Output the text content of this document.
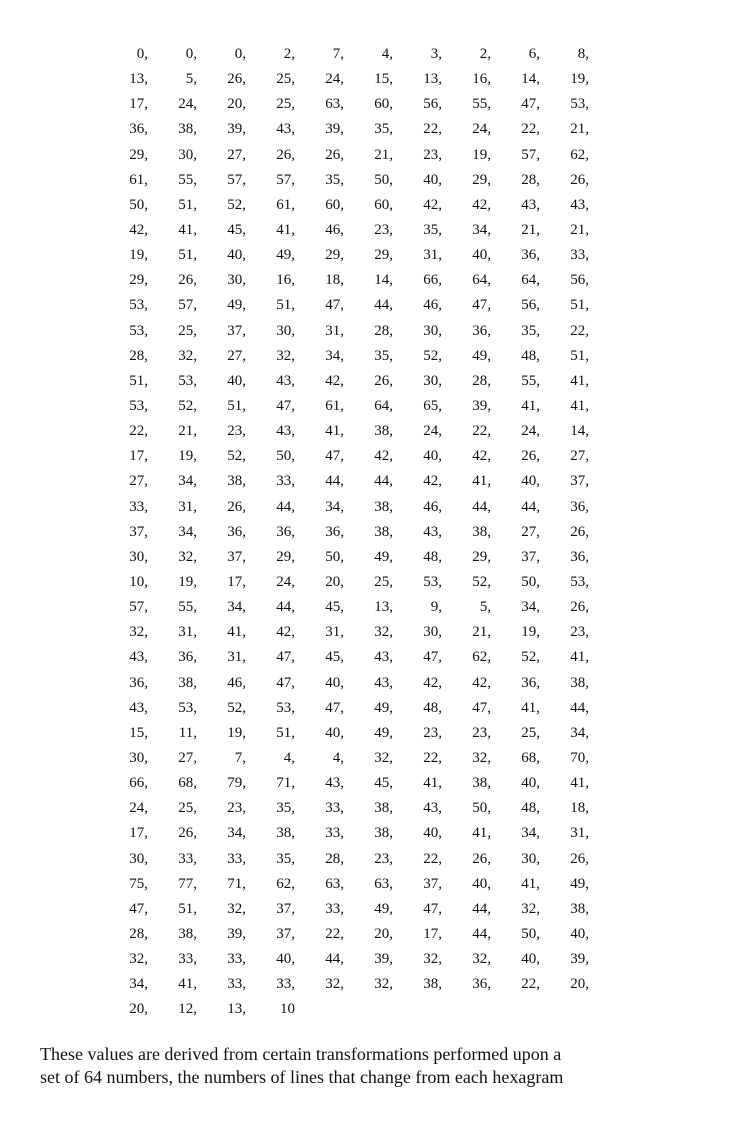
0,	0,	0,	2,	7,	4,	3,	2,	6,	8,
13,	5,	26,	25,	24,	15,	13,	16,	14,	19,
17,	24,	20,	25,	63,	60,	56,	55,	47,	53,
36,	38,	39,	43,	39,	35,	22,	24,	22,	21,
29,	30,	27,	26,	26,	21,	23,	19,	57,	62,
61,	55,	57,	57,	35,	50,	40,	29,	28,	26,
50,	51,	52,	61,	60,	60,	42,	42,	43,	43,
42,	41,	45,	41,	46,	23,	35,	34,	21,	21,
19,	51,	40,	49,	29,	29,	31,	40,	36,	33,
29,	26,	30,	16,	18,	14,	66,	64,	64,	56,
53,	57,	49,	51,	47,	44,	46,	47,	56,	51,
53,	25,	37,	30,	31,	28,	30,	36,	35,	22,
28,	32,	27,	32,	34,	35,	52,	49,	48,	51,
51,	53,	40,	43,	42,	26,	30,	28,	55,	41,
53,	52,	51,	47,	61,	64,	65,	39,	41,	41,
22,	21,	23,	43,	41,	38,	24,	22,	24,	14,
17,	19,	52,	50,	47,	42,	40,	42,	26,	27,
27,	34,	38,	33,	44,	44,	42,	41,	40,	37,
33,	31,	26,	44,	34,	38,	46,	44,	44,	36,
37,	34,	36,	36,	36,	38,	43,	38,	27,	26,
30,	32,	37,	29,	50,	49,	48,	29,	37,	36,
10,	19,	17,	24,	20,	25,	53,	52,	50,	53,
57,	55,	34,	44,	45,	13,	9,	5,	34,	26,
32,	31,	41,	42,	31,	32,	30,	21,	19,	23,
43,	36,	31,	47,	45,	43,	47,	62,	52,	41,
36,	38,	46,	47,	40,	43,	42,	42,	36,	38,
43,	53,	52,	53,	47,	49,	48,	47,	41,	44,
15,	11,	19,	51,	40,	49,	23,	23,	25,	34,
30,	27,	7,	4,	4,	32,	22,	32,	68,	70,
66,	68,	79,	71,	43,	45,	41,	38,	40,	41,
24,	25,	23,	35,	33,	38,	43,	50,	48,	18,
17,	26,	34,	38,	33,	38,	40,	41,	34,	31,
30,	33,	33,	35,	28,	23,	22,	26,	30,	26,
75,	77,	71,	62,	63,	63,	37,	40,	41,	49,
47,	51,	32,	37,	33,	49,	47,	44,	32,	38,
28,	38,	39,	37,	22,	20,	17,	44,	50,	40,
32,	33,	33,	40,	44,	39,	32,	32,	40,	39,
34,	41,	33,	33,	32,	32,	38,	36,	22,	20,
20,	12,	13,	10

These values are derived from certain transformations performed upon a
set of 64 numbers, the numbers of lines that change from each hexagram
